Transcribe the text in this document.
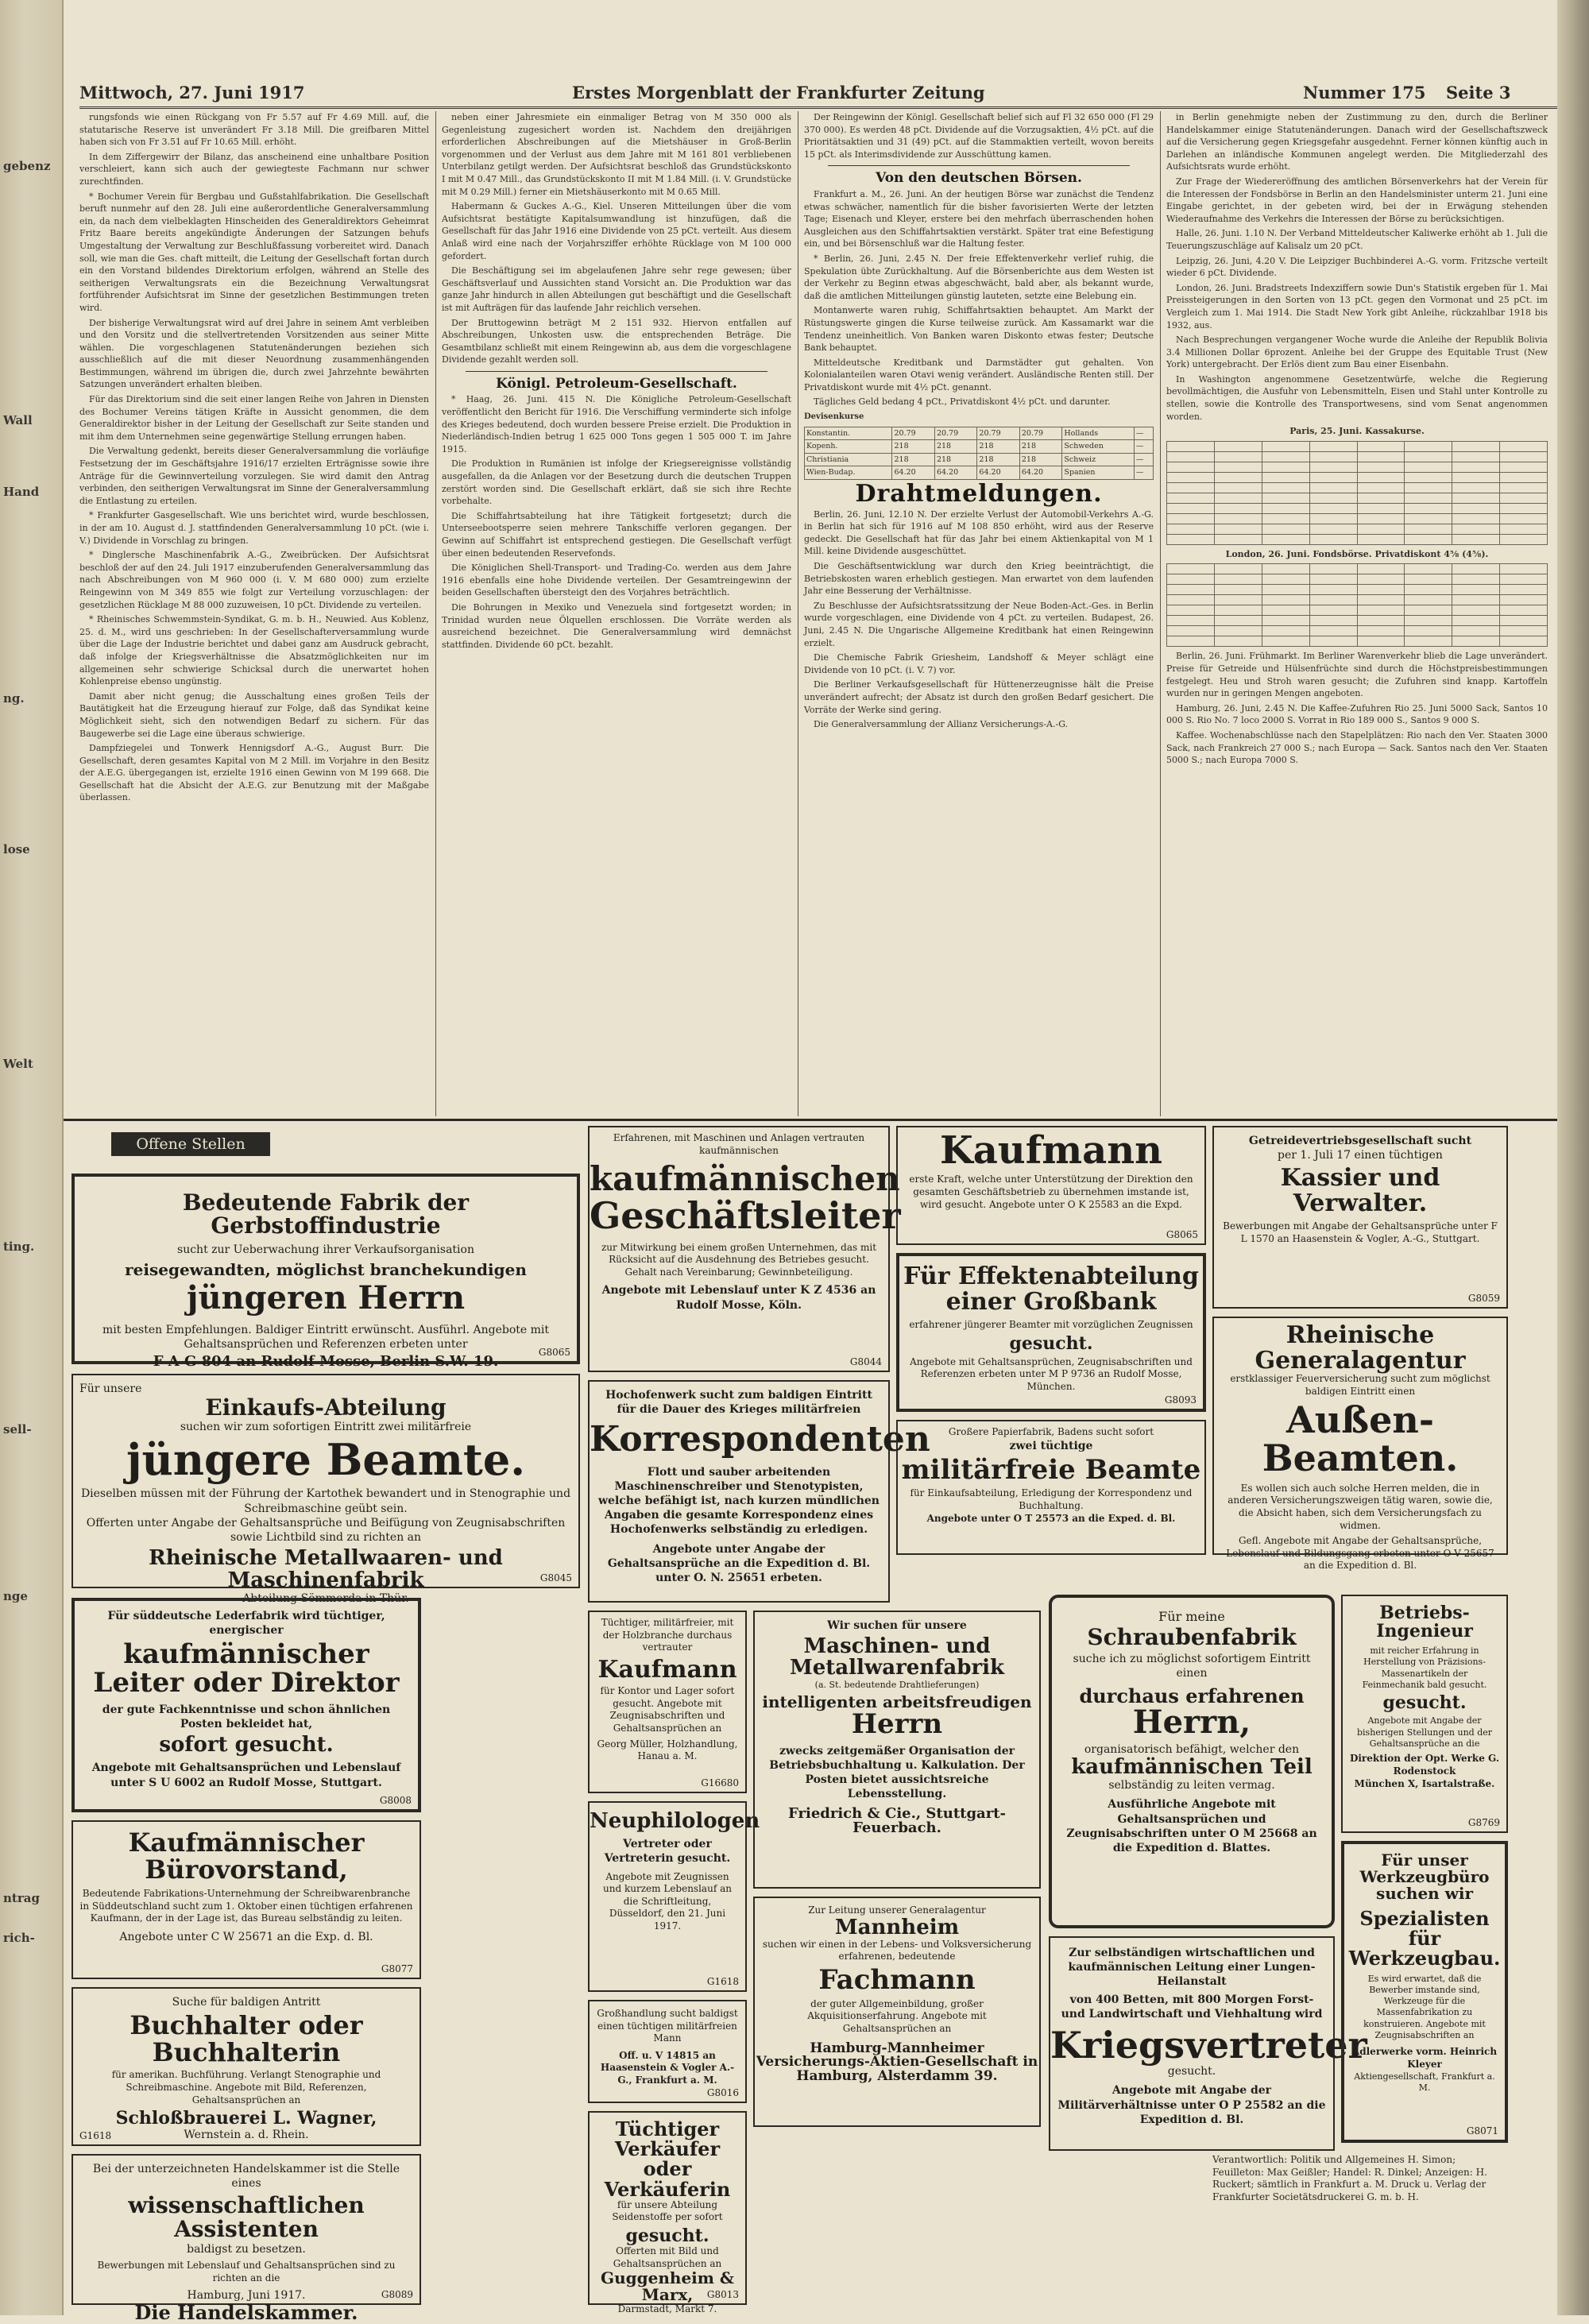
gebenz
Wall
Hand
ng.
lose
Welt
ting.
sell-
nge
ntrag
rich-
Mittwoch, 27. Juni 1917	Erstes Morgenblatt der Frankfurter Zeitung	Nummer 175 Seite 3

rungsfonds wie einen Rückgang von Fr 5.57 auf Fr 4.69 Mill. auf, die statutarische Reserve ist unverändert Fr 3.18 Mill. Die greifbaren Mittel haben sich von Fr 3.51 auf Fr 10.65 Mill. erhöht.

In dem Ziffergewirr der Bilanz, das anscheinend eine unhaltbare Position verschleiert, kann sich auch der gewiegteste Fachmann nur schwer zurechtfinden.

* Bochumer Verein für Bergbau und Gußstahlfabrikation. Die Gesellschaft beruft nunmehr auf den 28. Juli eine außerordentliche Generalversammlung ein, da nach dem vielbeklagten Hinscheiden des Generaldirektors Geheimrat Fritz Baare bereits angekündigte Änderungen der Satzungen behufs Umgestaltung der Verwaltung zur Beschlußfassung vorbereitet wird. Danach soll, wie man die Ges. chaft mitteilt, die Leitung der Gesellschaft fortan durch ein den Vorstand bildendes Direktorium erfolgen, während an Stelle des seitherigen Verwaltungsrats ein die Bezeichnung Verwaltungsrat fortführender Aufsichtsrat im Sinne der gesetzlichen Bestimmungen treten wird.

Der bisherige Verwaltungsrat wird auf drei Jahre in seinem Amt verbleiben und den Vorsitz und die stellvertretenden Vorsitzenden aus seiner Mitte wählen. Die vorgeschlagenen Statutenänderungen beziehen sich ausschließlich auf die mit dieser Neuordnung zusammenhängenden Bestimmungen, während im übrigen die, durch zwei Jahrzehnte bewährten Satzungen unverändert erhalten bleiben.

Für das Direktorium sind die seit einer langen Reihe von Jahren in Diensten des Bochumer Vereins tätigen Kräfte in Aussicht genommen, die dem Generaldirektor bisher in der Leitung der Gesellschaft zur Seite standen und mit ihm dem Unternehmen seine gegenwärtige Stellung errungen haben.

Die Verwaltung gedenkt, bereits dieser Generalversammlung die vorläufige Festsetzung der im Geschäftsjahre 1916/17 erzielten Erträgnisse sowie ihre Anträge für die Gewinnverteilung vorzulegen. Sie wird damit den Antrag verbinden, den seitherigen Verwaltungsrat im Sinne der Generalversammlung die Entlastung zu erteilen.

* Frankfurter Gasgesellschaft. Wie uns berichtet wird, wurde beschlossen, in der am 10. August d. J. stattfindenden Generalversammlung 10 pCt. (wie i. V.) Dividende in Vorschlag zu bringen.

* Dinglersche Maschinenfabrik A.-G., Zweibrücken. Der Aufsichtsrat beschloß der auf den 24. Juli 1917 einzuberufenden Generalversammlung das nach Abschreibungen von M 960 000 (i. V. M 680 000) zum erzielte Reingewinn von M 349 855 wie folgt zur Verteilung vorzuschlagen: der gesetzlichen Rücklage M 88 000 zuzuweisen, 10 pCt. Dividende zu verteilen.

* Rheinisches Schwemmstein-Syndikat, G. m. b. H., Neuwied. Aus Koblenz, 25. d. M., wird uns geschrieben: In der Gesellschafterversammlung wurde über die Lage der Industrie berichtet und dabei ganz am Ausdruck gebracht, daß infolge der Kriegsverhältnisse die Absatzmöglichkeiten nur im allgemeinen sehr schwierige Schicksal durch die unerwartet hohen Kohlenpreise ebenso ungünstig.

Damit aber nicht genug; die Ausschaltung eines großen Teils der Bautätigkeit hat die Erzeugung hierauf zur Folge, daß das Syndikat keine Möglichkeit sieht, sich den notwendigen Bedarf zu sichern. Für das Baugewerbe sei die Lage eine überaus schwierige.

Dampfziegelei und Tonwerk Hennigsdorf A.-G., August Burr. Die Gesellschaft, deren gesamtes Kapital von M 2 Mill. im Vorjahre in den Besitz der A.E.G. übergegangen ist, erzielte 1916 einen Gewinn von M 199 668. Die Gesellschaft hat die Absicht der A.E.G. zur Benutzung mit der Maßgabe überlassen.

neben einer Jahresmiete ein einmaliger Betrag von M 350 000 als Gegenleistung zugesichert worden ist. Nachdem den dreijährigen erforderlichen Abschreibungen auf die Mietshäuser in Groß-Berlin vorgenommen und der Verlust aus dem Jahre mit M 161 801 verbliebenen Unterbilanz getilgt werden. Der Aufsichtsrat beschloß das Grundstückskonto I mit M 0.47 Mill., das Grundstückskonto II mit M 1.84 Mill. (i. V. Grundstücke mit M 0.29 Mill.) ferner ein Mietshäuserkonto mit M 0.65 Mill.

Habermann & Guckes A.-G., Kiel. Unseren Mitteilungen über die vom Aufsichtsrat bestätigte Kapitalsumwandlung ist hinzufügen, daß die Gesellschaft für das Jahr 1916 eine Dividende von 25 pCt. verteilt. Aus diesem Anlaß wird eine nach der Vorjahrsziffer erhöhte Rücklage von M 100 000 gefordert.

Die Beschäftigung sei im abgelaufenen Jahre sehr rege gewesen; über Geschäftsverlauf und Aussichten stand Vorsicht an. Die Produktion war das ganze Jahr hindurch in allen Abteilungen gut beschäftigt und die Gesellschaft ist mit Aufträgen für das laufende Jahr reichlich versehen.

Der Bruttogewinn beträgt M 2 151 932. Hiervon entfallen auf Abschreibungen, Unkosten usw. die entsprechenden Beträge. Die Gesamtbilanz schließt mit einem Reingewinn ab, aus dem die vorgeschlagene Dividende gezahlt werden soll.

Königl. Petroleum-Gesellschaft.

* Haag, 26. Juni. 415 N. Die Königliche Petroleum-Gesellschaft veröffentlicht den Bericht für 1916. Die Verschiffung verminderte sich infolge des Krieges bedeutend, doch wurden bessere Preise erzielt. Die Produktion in Niederländisch-Indien betrug 1 625 000 Tons gegen 1 505 000 T. im Jahre 1915.

Die Produktion in Rumänien ist infolge der Kriegsereignisse vollständig ausgefallen, da die Anlagen vor der Besetzung durch die deutschen Truppen zerstört worden sind. Die Gesellschaft erklärt, daß sie sich ihre Rechte vorbehalte.

Die Schiffahrtsabteilung hat ihre Tätigkeit fortgesetzt; durch die Unterseebootsperre seien mehrere Tankschiffe verloren gegangen. Der Gewinn auf Schiffahrt ist entsprechend gestiegen. Die Gesellschaft verfügt über einen bedeutenden Reservefonds.

Die Königlichen Shell-Transport- und Trading-Co. werden aus dem Jahre 1916 ebenfalls eine hohe Dividende verteilen. Der Gesamtreingewinn der beiden Gesellschaften übersteigt den des Vorjahres beträchtlich.

Die Bohrungen in Mexiko und Venezuela sind fortgesetzt worden; in Trinidad wurden neue Ölquellen erschlossen. Die Vorräte werden als ausreichend bezeichnet. Die Generalversammlung wird demnächst stattfinden. Dividende 60 pCt. bezahlt.

Der Reingewinn der Königl. Gesellschaft belief sich auf Fl 32 650 000 (Fl 29 370 000). Es werden 48 pCt. Dividende auf die Vorzugsaktien, 4½ pCt. auf die Prioritätsaktien und 31 (49) pCt. auf die Stammaktien verteilt, wovon bereits 15 pCt. als Interimsdividende zur Ausschüttung kamen.

Von den deutschen Börsen.

Frankfurt a. M., 26. Juni. An der heutigen Börse war zunächst die Tendenz etwas schwächer, namentlich für die bisher favorisierten Werte der letzten Tage; Eisenach und Kleyer, erstere bei den mehrfach überraschenden hohen Ausgleichen aus den Schiffahrtsaktien verstärkt. Später trat eine Befestigung ein, und bei Börsenschluß war die Haltung fester.

* Berlin, 26. Juni, 2.45 N. Der freie Effektenverkehr verlief ruhig, die Spekulation übte Zurückhaltung. Auf die Börsenberichte aus dem Westen ist der Verkehr zu Beginn etwas abgeschwächt, bald aber, als bekannt wurde, daß die amtlichen Mitteilungen günstig lauteten, setzte eine Belebung ein.

Montanwerte waren ruhig, Schiffahrtsaktien behauptet. Am Markt der Rüstungswerte gingen die Kurse teilweise zurück. Am Kassamarkt war die Tendenz uneinheitlich. Von Banken waren Diskonto etwas fester; Deutsche Bank behauptet.

Mitteldeutsche Kreditbank und Darmstädter gut gehalten. Von Kolonialanteilen waren Otavi wenig verändert. Ausländische Renten still. Der Privatdiskont wurde mit 4½ pCt. genannt.

Tägliches Geld bedang 4 pCt., Privatdiskont 4½ pCt. und darunter.

Devisenkurse
Konstantin.	20.79	20.79	20.79	20.79	Hollands	—
Kopenh.	218	218	218	218	Schweden	—
Christiania	218	218	218	218	Schweiz	—
Wien-Budap.	64.20	64.20	64.20	64.20	Spanien	—
Drahtmeldungen.

Berlin, 26. Juni, 12.10 N. Der erzielte Verlust der Automobil-Verkehrs A.-G. in Berlin hat sich für 1916 auf M 108 850 erhöht, wird aus der Reserve gedeckt. Die Gesellschaft hat für das Jahr bei einem Aktienkapital von M 1 Mill. keine Dividende ausgeschüttet.

Die Geschäftsentwicklung war durch den Krieg beeinträchtigt, die Betriebskosten waren erheblich gestiegen. Man erwartet von dem laufenden Jahr eine Besserung der Verhältnisse.

Zu Beschlusse der Aufsichtsratssitzung der Neue Boden-Act.-Ges. in Berlin wurde vorgeschlagen, eine Dividende von 4 pCt. zu verteilen. Budapest, 26. Juni, 2.45 N. Die Ungarische Allgemeine Kreditbank hat einen Reingewinn erzielt.

Die Chemische Fabrik Griesheim, Landshoff & Meyer schlägt eine Dividende von 10 pCt. (i. V. 7) vor.

Die Berliner Verkaufsgesellschaft für Hüttenerzeugnisse hält die Preise unverändert aufrecht; der Absatz ist durch den großen Bedarf gesichert. Die Vorräte der Werke sind gering.

Die Generalversammlung der Allianz Versicherungs-A.-G.

in Berlin genehmigte neben der Zustimmung zu den, durch die Berliner Handelskammer einige Statutenänderungen. Danach wird der Gesellschaftszweck auf die Versicherung gegen Kriegsgefahr ausgedehnt. Ferner können künftig auch in Darlehen an inländische Kommunen angelegt werden. Die Mitgliederzahl des Aufsichtsrats wurde erhöht.

Zur Frage der Wiedereröffnung des amtlichen Börsenverkehrs hat der Verein für die Interessen der Fondsbörse in Berlin an den Handelsminister unterm 21. Juni eine Eingabe gerichtet, in der gebeten wird, bei der in Erwägung stehenden Wiederaufnahme des Verkehrs die Interessen der Börse zu berücksichtigen.

Halle, 26. Juni. 1.10 N. Der Verband Mitteldeutscher Kaliwerke erhöht ab 1. Juli die Teuerungszuschläge auf Kalisalz um 20 pCt.

Leipzig, 26. Juni, 4.20 V. Die Leipziger Buchbinderei A.-G. vorm. Fritzsche verteilt wieder 6 pCt. Dividende.

London, 26. Juni. Bradstreets Indexziffern sowie Dun's Statistik ergeben für 1. Mai Preissteigerungen in den Sorten von 13 pCt. gegen den Vormonat und 25 pCt. im Vergleich zum 1. Mai 1914. Die Stadt New York gibt Anleihe, rückzahlbar 1918 bis 1932, aus.

Nach Besprechungen vergangener Woche wurde die Anleihe der Republik Bolivia 3.4 Millionen Dollar 6prozent. Anleihe bei der Gruppe des Equitable Trust (New York) untergebracht. Der Erlös dient zum Bau einer Eisenbahn.

In Washington angenommene Gesetzentwürfe, welche die Regierung bevollmächtigen, die Ausfuhr von Lebensmitteln, Eisen und Stahl unter Kontrolle zu stellen, sowie die Kontrolle des Transportwesens, sind vom Senat angenommen worden.

Paris, 25. Juni. Kassakurse.

London, 26. Juni. Fondsbörse. Privatdiskont 4⅝ (4⅝).

Berlin, 26. Juni. Frühmarkt. Im Berliner Warenverkehr blieb die Lage unverändert. Preise für Getreide und Hülsenfrüchte sind durch die Höchstpreisbestimmungen festgelegt. Heu und Stroh waren gesucht; die Zufuhren sind knapp. Kartoffeln wurden nur in geringen Mengen angeboten.

Hamburg, 26. Juni, 2.45 N. Die Kaffee-Zufuhren Rio 25. Juni 5000 Sack, Santos 10 000 S. Rio No. 7 loco 2000 S. Vorrat in Rio 189 000 S., Santos 9 000 S.

Kaffee. Wochenabschlüsse nach den Stapelplätzen: Rio nach den Ver. Staaten 3000 Sack, nach Frankreich 27 000 S.; nach Europa — Sack. Santos nach den Ver. Staaten 5000 S.; nach Europa 7000 S.

Offene Stellen
Bedeutende Fabrik der Gerbstoffindustrie
sucht zur Ueberwachung ihrer Verkaufsorganisation
reisegewandten, möglichst branchekundigen
jüngeren Herrn
mit besten Empfehlungen. Baldiger Eintritt erwünscht. Ausführl. Angebote mit Gehaltsansprüchen und Referenzen erbeten unter
F A G 804 an Rudolf Mosse, Berlin S.W. 19.
G8065
Für unsere
Einkaufs-Abteilung
suchen wir zum sofortigen Eintritt zwei militärfreie
jüngere Beamte.
Dieselben müssen mit der Führung der Kartothek bewandert und in Stenographie und Schreibmaschine geübt sein.
Offerten unter Angabe der Gehaltsansprüche und Beifügung von Zeugnisabschriften sowie Lichtbild sind zu richten an
Rheinische Metallwaaren- und Maschinenfabrik
Abteilung Sömmerda in Thür.
G8045
Für süddeutsche Lederfabrik wird tüchtiger, energischer
kaufmännischer Leiter oder Direktor
der gute Fachkenntnisse und schon ähnlichen Posten bekleidet hat,
sofort gesucht.
Angebote mit Gehaltsansprüchen und Lebenslauf unter S U 6002 an Rudolf Mosse, Stuttgart.
G8008
Kaufmännischer Bürovorstand,
Bedeutende Fabrikations-Unternehmung der Schreibwarenbranche in Süddeutschland sucht zum 1. Oktober einen tüchtigen erfahrenen Kaufmann, der in der Lage ist, das Bureau selbständig zu leiten.
Angebote unter C W 25671 an die Exp. d. Bl.
G8077
Suche für baldigen Antritt
Buchhalter oder Buchhalterin
für amerikan. Buchführung. Verlangt Stenographie und Schreibmaschine. Angebote mit Bild, Referenzen, Gehaltsansprüchen an
Schloßbrauerei L. Wagner,
Wernstein a. d. Rhein.
G1618
Bei der unterzeichneten Handelskammer ist die Stelle eines
wissenschaftlichen Assistenten
baldigst zu besetzen.
Bewerbungen mit Lebenslauf und Gehaltsansprüchen sind zu richten an die
Hamburg, Juni 1917.
Die Handelskammer.
G8089
Erfahrenen, mit Maschinen und Anlagen vertrauten kaufmännischen
kaufmännischen
Geschäftsleiter
zur Mitwirkung bei einem großen Unternehmen, das mit Rücksicht auf die Ausdehnung des Betriebes gesucht. Gehalt nach Vereinbarung; Gewinnbeteiligung.
Angebote mit Lebenslauf unter K Z 4536 an Rudolf Mosse, Köln.
G8044
Hochofenwerk sucht zum baldigen Eintritt für die Dauer des Krieges militärfreien
Korrespondenten
Flott und sauber arbeitenden Maschinenschreiber und Stenotypisten, welche befähigt ist, nach kurzen mündlichen Angaben die gesamte Korrespondenz eines Hochofenwerks selbständig zu erledigen.
Angebote unter Angabe der Gehaltsansprüche an die Expedition d. Bl. unter O. N. 25651 erbeten.
Tüchtiger, militärfreier, mit der Holzbranche durchaus vertrauter
Kaufmann
für Kontor und Lager sofort gesucht. Angebote mit Zeugnisabschriften und Gehaltsansprüchen an
Georg Müller, Holzhandlung, Hanau a. M.
G16680
Neuphilologen
Vertreter oder Vertreterin gesucht.
Angebote mit Zeugnissen und kurzem Lebenslauf an die Schriftleitung, Düsseldorf, den 21. Juni 1917.
G1618
Großhandlung sucht baldigst einen tüchtigen militärfreien Mann
Off. u. V 14815 an Haasenstein & Vogler A.-G., Frankfurt a. M.
G8016
Tüchtiger Verkäufer oder Verkäuferin
für unsere Abteilung Seidenstoffe per sofort
gesucht.
Offerten mit Bild und Gehaltsansprüchen an
Guggenheim & Marx,
Darmstadt, Markt 7.
G8013
Wir suchen für unsere
Maschinen- und Metallwarenfabrik
(a. St. bedeutende Drahtlieferungen)
intelligenten arbeitsfreudigen
Herrn
zwecks zeitgemäßer Organisation der Betriebsbuchhaltung u. Kalkulation. Der Posten bietet aussichtsreiche Lebensstellung.
Friedrich & Cie., Stuttgart-Feuerbach.
Kaufmann
erste Kraft, welche unter Unterstützung der Direktion den gesamten Geschäftsbetrieb zu übernehmen imstande ist, wird gesucht. Angebote unter O K 25583 an die Expd.
G8065
Für Effektenabteilung einer Großbank
erfahrener jüngerer Beamter mit vorzüglichen Zeugnissen
gesucht.
Angebote mit Gehaltsansprüchen, Zeugnisabschriften und Referenzen erbeten unter M P 9736 an Rudolf Mosse, München.
G8093
Großere Papierfabrik, Badens sucht sofort
zwei tüchtige
militärfreie Beamte
für Einkaufsabteilung, Erledigung der Korrespondenz und Buchhaltung.
Angebote unter O T 25573 an die Exped. d. Bl.
Für meine
Schraubenfabrik
suche ich zu möglichst sofortigem Eintritt einen
durchaus erfahrenen
Herrn,
organisatorisch befähigt, welcher den
kaufmännischen Teil
selbständig zu leiten vermag.
Ausführliche Angebote mit Gehaltsansprüchen und Zeugnisabschriften unter O M 25668 an die Expedition d. Blattes.
Zur Leitung unserer Generalagentur
Mannheim
suchen wir einen in der Lebens- und Volksversicherung erfahrenen, bedeutende
Fachmann
der guter Allgemeinbildung, großer Akquisitionserfahrung. Angebote mit Gehaltsansprüchen an
Hamburg-Mannheimer Versicherungs-Aktien-Gesellschaft in Hamburg, Alsterdamm 39.
Zur selbständigen wirtschaftlichen und kaufmännischen Leitung einer Lungen-Heilanstalt
von 400 Betten, mit 800 Morgen Forst- und Landwirtschaft und Viehhaltung wird
Kriegsvertreter
gesucht.
Angebote mit Angabe der Militärverhältnisse unter O P 25582 an die Expedition d. Bl.
Getreidevertriebsgesellschaft sucht
per 1. Juli 17 einen tüchtigen
Kassier und Verwalter.
Bewerbungen mit Angabe der Gehaltsansprüche unter F L 1570 an Haasenstein & Vogler, A.-G., Stuttgart.
G8059
Rheinische Generalagentur
erstklassiger Feuerversicherung sucht zum möglichst baldigen Eintritt einen
Außen-Beamten.
Es wollen sich auch solche Herren melden, die in anderen Versicherungszweigen tätig waren, sowie die, die Absicht haben, sich dem Versicherungsfach zu widmen.
Gefl. Angebote mit Angabe der Gehaltsansprüche, Lebenslauf und Bildungsgang erbeten unter O V 25657 an die Expedition d. Bl.
Betriebs-Ingenieur
mit reicher Erfahrung in Herstellung von Präzisions-Massenartikeln der Feinmechanik bald gesucht.
gesucht.
Angebote mit Angabe der bisherigen Stellungen und der Gehaltsansprüche an die
Direktion der Opt. Werke G. Rodenstock
München X, Isartalstraße.
G8769
Für unser Werkzeugbüro
suchen wir
Spezialisten für Werkzeugbau.
Es wird erwartet, daß die Bewerber imstande sind, Werkzeuge für die Massenfabrikation zu konstruieren. Angebote mit Zeugnisabschriften an
Adlerwerke vorm. Heinrich Kleyer
Aktiengesellschaft, Frankfurt a. M.
G8071
Verantwortlich: Politik und Allgemeines H. Simon; Feuilleton: Max Geißler; Handel: R. Dinkel; Anzeigen: H. Ruckert; sämtlich in Frankfurt a. M. Druck u. Verlag der Frankfurter Societätsdruckerei G. m. b. H.
